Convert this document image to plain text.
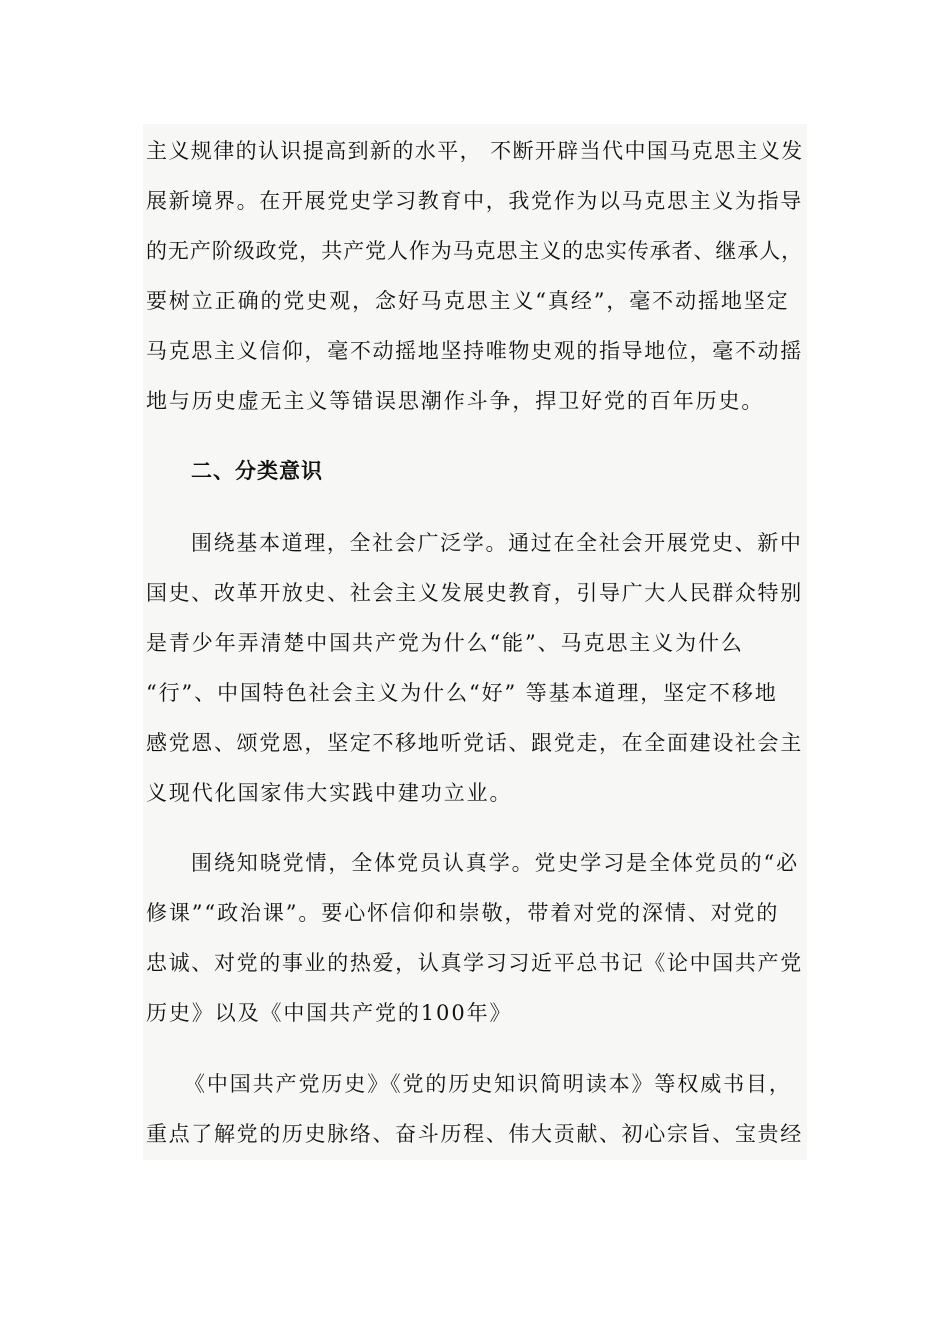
主义规律的认识提高到新的水平， 不断开辟当代中国马克思主义发
展新境界。在开展党史学习教育中，我党作为以马克思主义为指导
的无产阶级政党，共产党人作为马克思主义的忠实传承者、继承人，
要树立正确的党史观，念好马克思主义“真经”，毫不动摇地坚定
马克思主义信仰，毫不动摇地坚持唯物史观的指导地位，毫不动摇
地与历史虚无主义等错误思潮作斗争，捍卫好党的百年历史。
二、分类意识
围绕基本道理，全社会广泛学。通过在全社会开展党史、新中
国史、改革开放史、社会主义发展史教育，引导广大人民群众特别
是青少年弄清楚中国共产党为什么“能”、马克思主义为什么
“行”、中国特色社会主义为什么“好” 等基本道理，坚定不移地
感党恩、颂党恩，坚定不移地听党话、跟党走，在全面建设社会主
义现代化国家伟大实践中建功立业。
围绕知晓党情，全体党员认真学。党史学习是全体党员的“必
修课”“政治课”。要心怀信仰和崇敬，带着对党的深情、对党的
忠诚、对党的事业的热爱，认真学习习近平总书记《论中国共产党
历史》以及《中国共产党的100年》
《中国共产党历史》《党的历史知识简明读本》等权威书目，
重点了解党的历史脉络、奋斗历程、伟大贡献、初心宗旨、宝贵经
